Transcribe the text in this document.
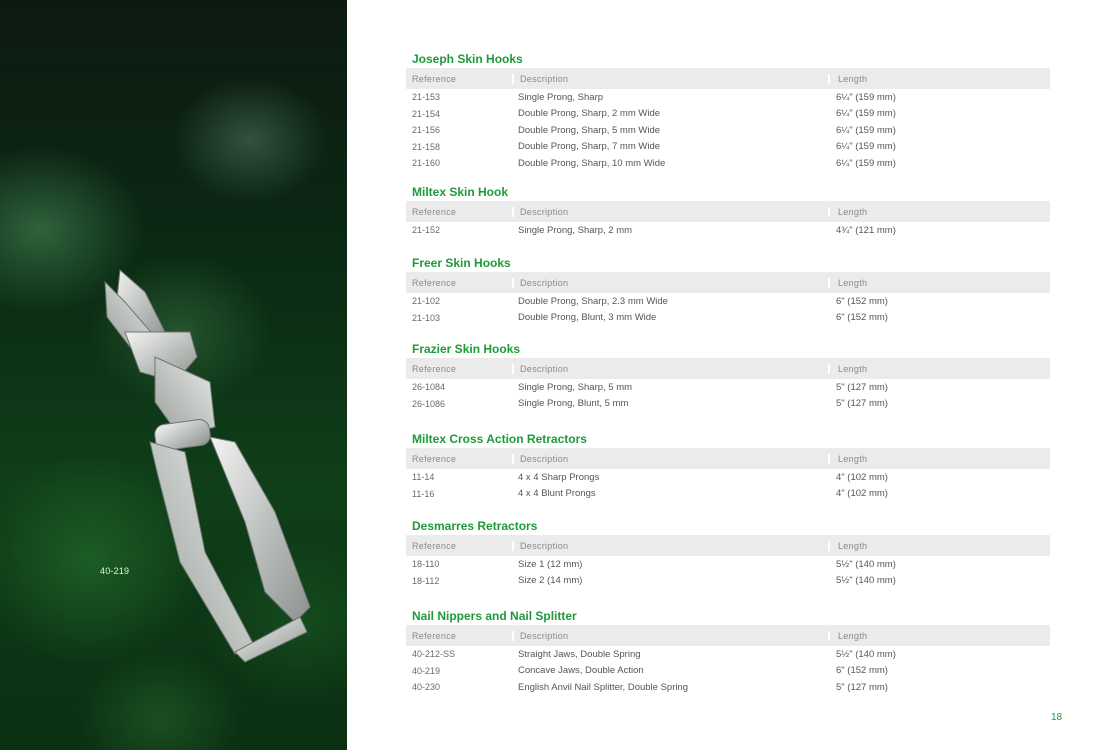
40-219
Joseph Skin Hooks
Reference	Description	Length
21-153	Single Prong, Sharp	6¼" (159 mm)
21-154	Double Prong, Sharp, 2 mm Wide	6¼" (159 mm)
21-156	Double Prong, Sharp, 5 mm Wide	6¼" (159 mm)
21-158	Double Prong, Sharp, 7 mm Wide	6¼" (159 mm)
21-160	Double Prong, Sharp, 10 mm Wide	6¼" (159 mm)
Miltex Skin Hook
Reference	Description	Length
21-152	Single Prong, Sharp, 2 mm	4¾" (121 mm)
Freer Skin Hooks
Reference	Description	Length
21-102	Double Prong, Sharp, 2.3 mm Wide	6" (152 mm)
21-103	Double Prong, Blunt, 3 mm Wide	6" (152 mm)
Frazier Skin Hooks
Reference	Description	Length
26-1084	Single Prong, Sharp, 5 mm	5" (127 mm)
26-1086	Single Prong, Blunt, 5 mm	5" (127 mm)
Miltex Cross Action Retractors
Reference	Description	Length
11-14	4 x 4 Sharp Prongs	4" (102 mm)
11-16	4 x 4 Blunt Prongs	4" (102 mm)
Desmarres Retractors
Reference	Description	Length
18-110	Size 1 (12 mm)	5½" (140 mm)
18-112	Size 2 (14 mm)	5½" (140 mm)
Nail Nippers and Nail Splitter
Reference	Description	Length
40-212-SS	Straight Jaws, Double Spring	5½" (140 mm)
40-219	Concave Jaws, Double Action	6" (152 mm)
40-230	English Anvil Nail Splitter, Double Spring	5" (127 mm)
18
